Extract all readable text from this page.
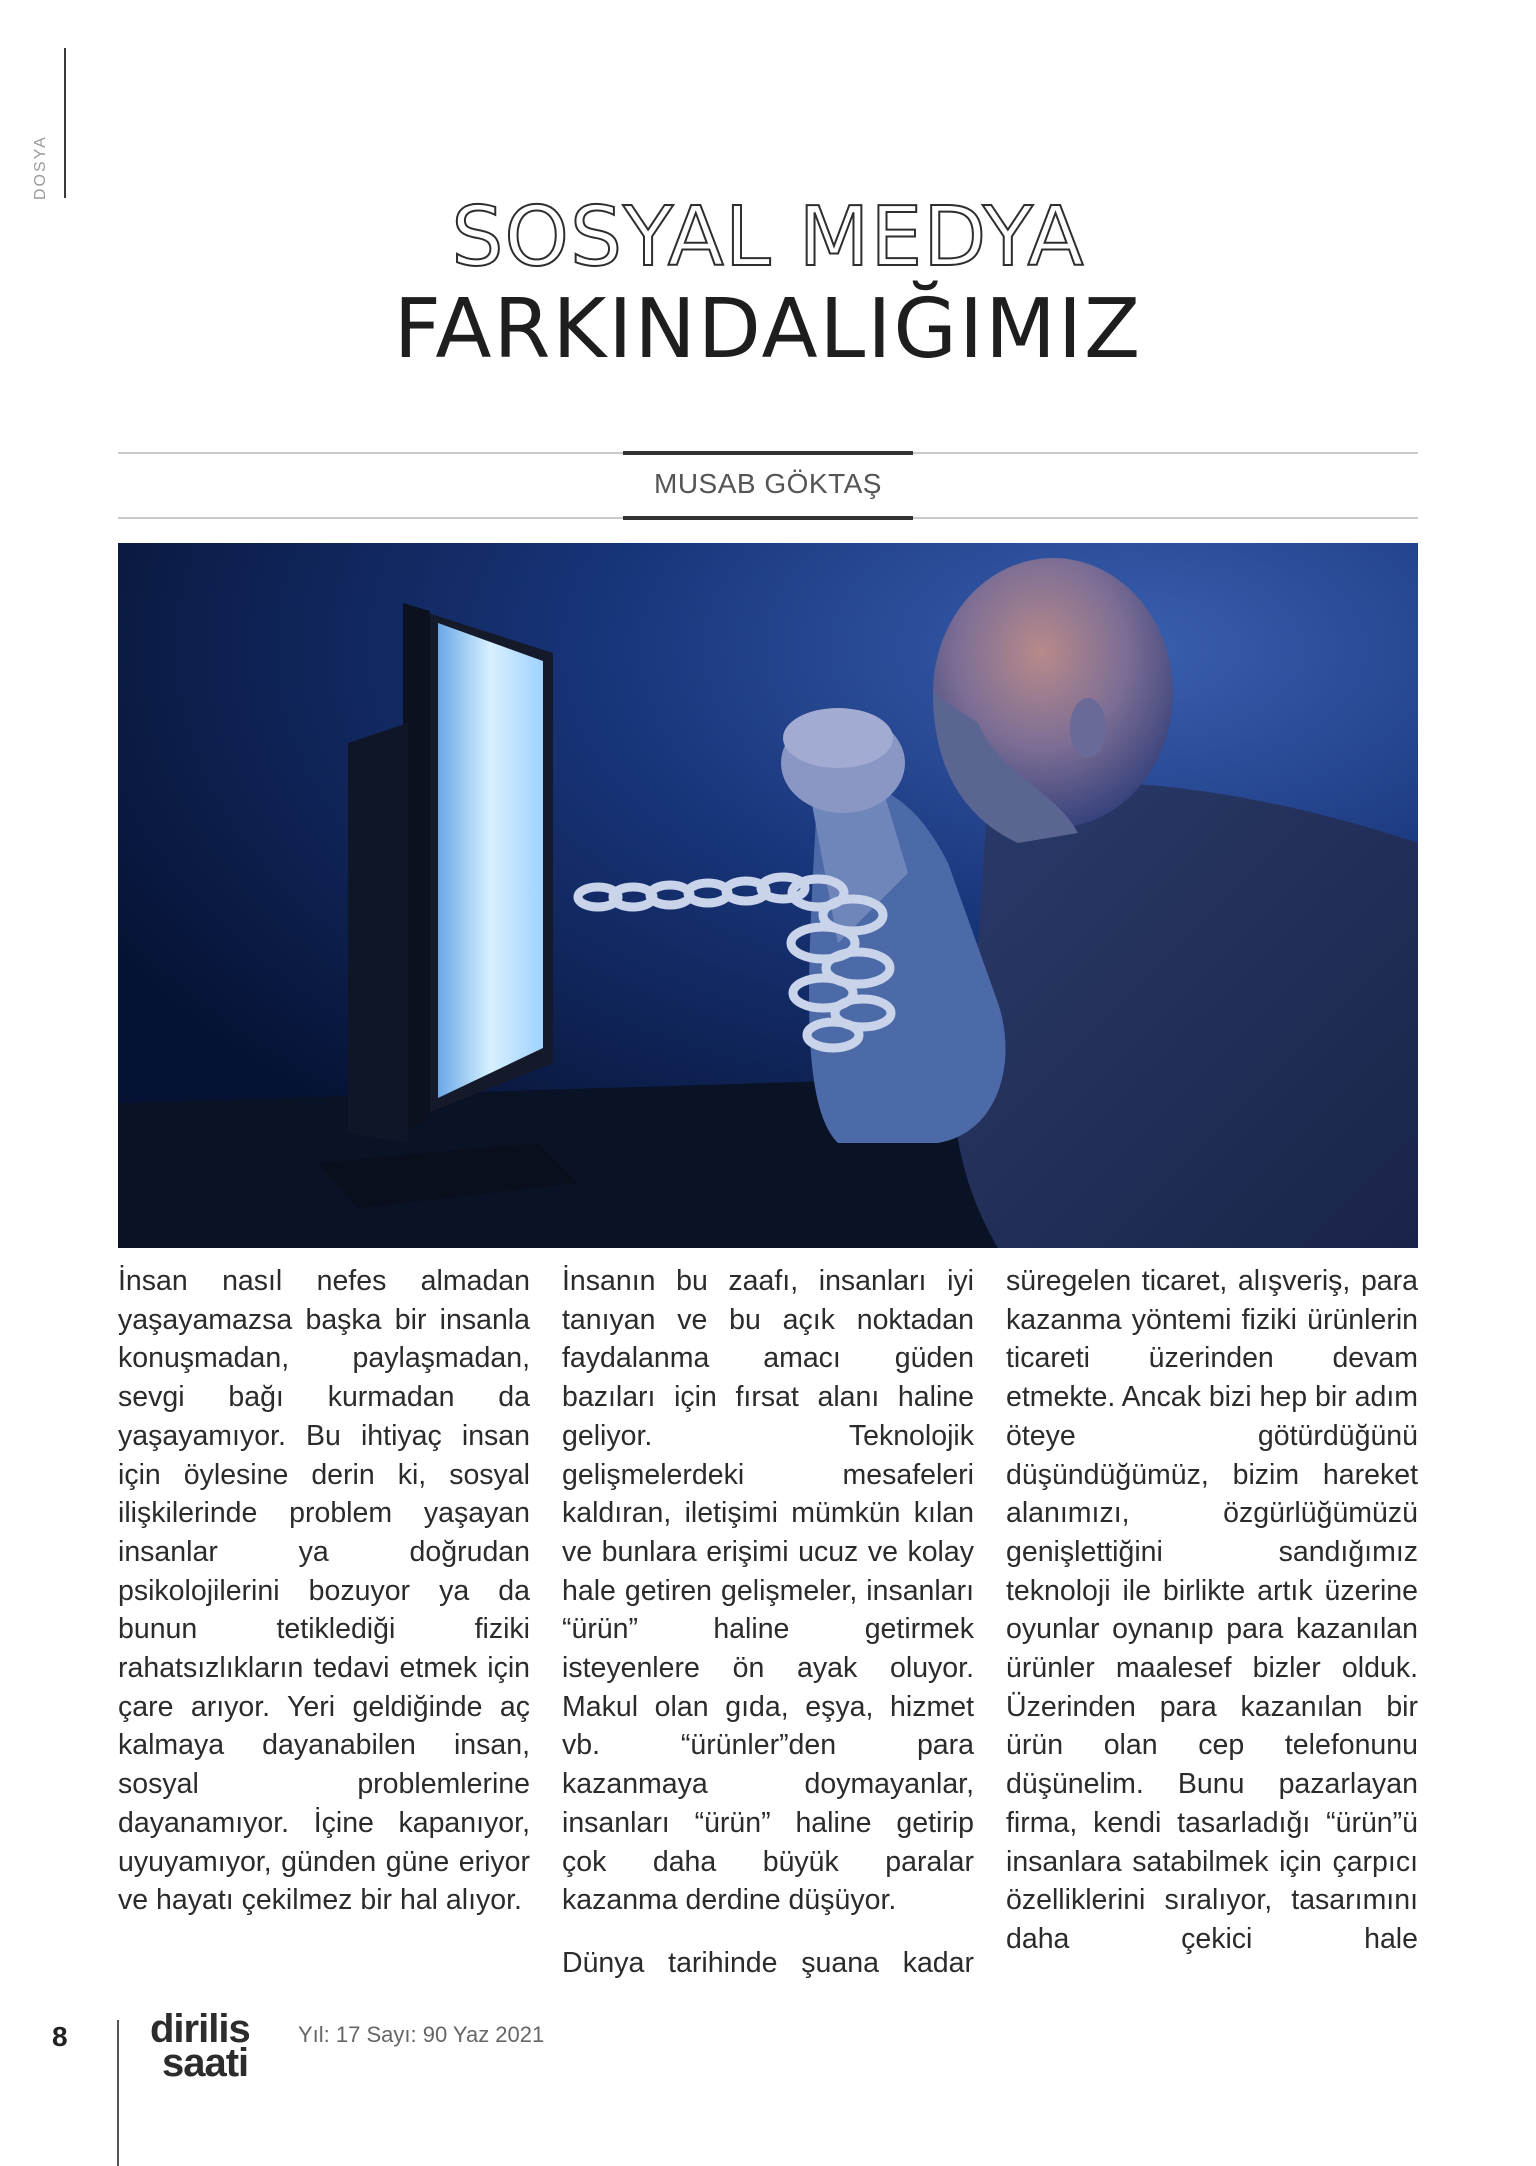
DOSYA
SOSYAL MEDYA
FARKINDALIĞIMIZ
MUSAB GÖKTAŞ

İnsan nasıl nefes almadan yaşayamazsa başka bir insanla konuşmadan, paylaşmadan, sevgi bağı kurmadan da yaşayamıyor. Bu ihtiyaç insan için öylesine derin ki, sosyal ilişkilerinde problem yaşayan insanlar ya doğrudan psikolojilerini bozuyor ya da bunun tetiklediği fiziki rahatsızlıkların tedavi etmek için çare arıyor. Yeri geldiğinde aç kalmaya dayanabilen insan, sosyal problemlerine dayanamıyor. İçine kapanıyor, uyuyamıyor, günden güne eriyor ve hayatı çekilmez bir hal alıyor.

İnsanın bu zaafı, insanları iyi tanıyan ve bu açık noktadan faydalanma amacı güden bazıları için fırsat alanı haline geliyor. Teknolojik gelişmelerdeki mesafeleri kaldıran, iletişimi mümkün kılan ve bunlara erişimi ucuz ve kolay hale getiren gelişmeler, insanları “ürün” haline getirmek isteyenlere ön ayak oluyor. Makul olan gıda, eşya, hizmet vb. “ürünler”den para kazanmaya doymayanlar, insanları “ürün” haline getirip çok daha büyük paralar kazanma derdine düşüyor.

Dünya tarihinde şuana kadar

süregelen ticaret, alışveriş, para kazanma yöntemi fiziki ürünlerin ticareti üzerinden devam etmekte. Ancak bizi hep bir adım öteye götürdüğünü düşündüğümüz, bizim hareket alanımızı, özgürlüğümüzü genişlettiğini sandığımız teknoloji ile birlikte artık üzerine oyunlar oynanıp para kazanılan ürünler maalesef bizler olduk. Üzerinden para kazanılan bir ürün olan cep telefonunu düşünelim. Bunu pazarlayan firma, kendi tasarladığı “ürün”ü insanlara satabilmek için çarpıcı özelliklerini sıralıyor, tasarımını daha çekici hale

8 dirilis
saati
Yıl: 17 Sayı: 90 Yaz 2021
